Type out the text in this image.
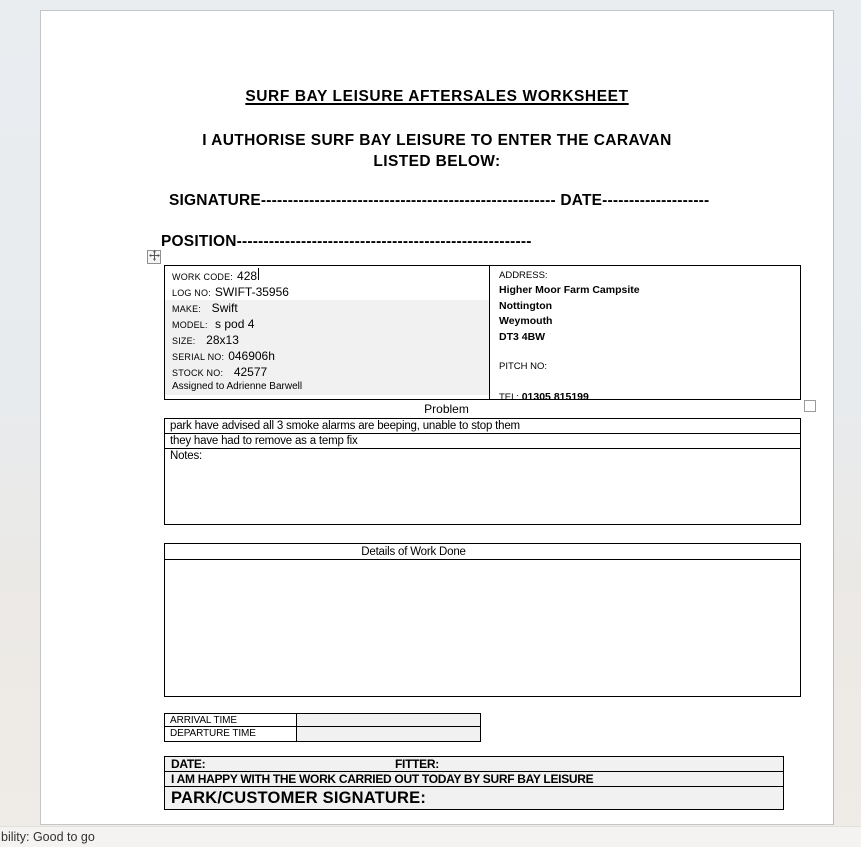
SURF BAY LEISURE AFTERSALES WORKSHEET
I AUTHORISE SURF BAY LEISURE TO ENTER THE CARAVAN
LISTED BELOW:
SIGNATURE------------------------------------------------------- DATE--------------------
POSITION-------------------------------------------------------
WORK CODE: 428
LOG NO: SWIFT-35956
MAKE: Swift
MODEL: s pod 4
SIZE: 28x13
SERIAL NO: 046906h
STOCK NO: 42577
Assigned to Adrienne Barwell
ADDRESS:
Higher Moor Farm Campsite
Nottington
Weymouth
DT3 4BW
PITCH NO:
TEL: 01305 815199
Problem
park have advised all 3 smoke alarms are beeping, unable to stop them
they have had to remove as a temp fix
Notes:
Details of Work Done
ARRIVAL TIME
DEPARTURE TIME
DATE:	FITTER:
I AM HAPPY WITH THE WORK CARRIED OUT TODAY BY SURF BAY LEISURE
PARK/CUSTOMER SIGNATURE:
bility: Good to go
